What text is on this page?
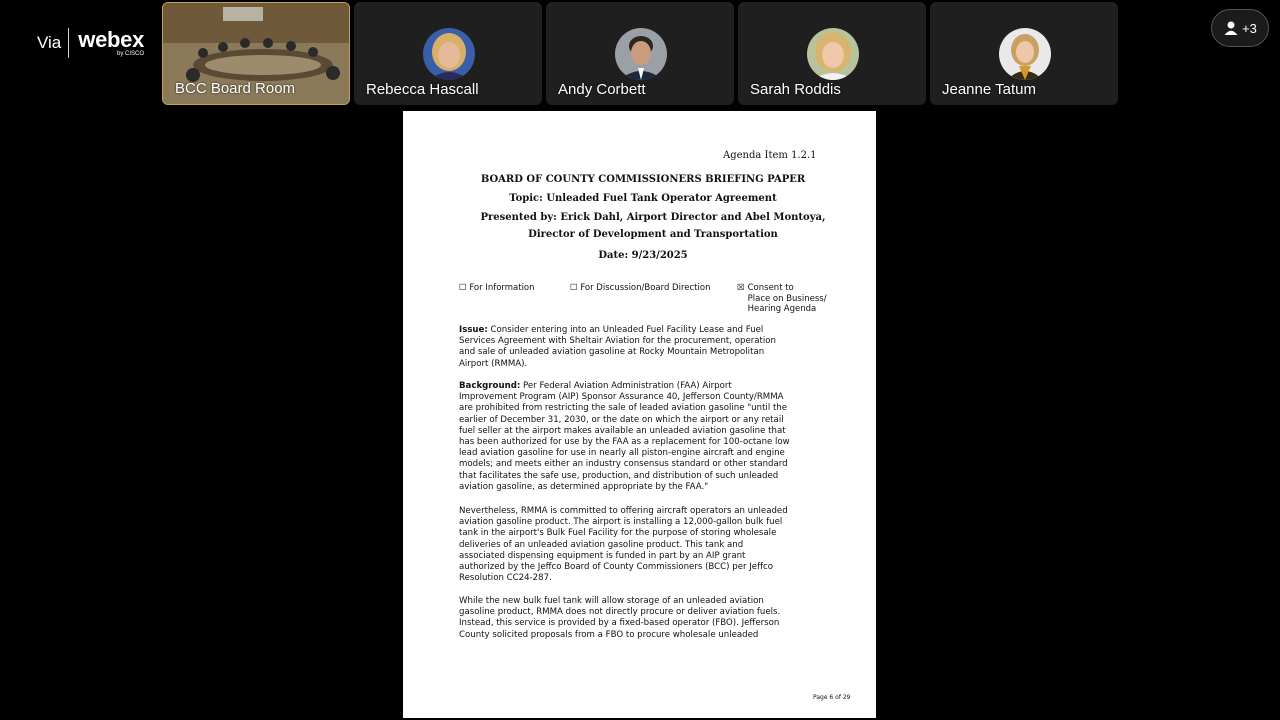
Via webex
by CISCO
BCC Board Room	Rebecca Hascall	Andy Corbett	Sarah Roddis	Jeanne Tatum
+3
Agenda Item 1.2.1
BOARD OF COUNTY COMMISSIONERS BRIEFING PAPER
Topic: Unleaded Fuel Tank Operator Agreement
Presented by: Erick Dahl, Airport Director and Abel Montoya, Director of Development and Transportation
Date: 9/23/2025
☐ For Information	☐ For Discussion/Board Direction	☒ Consent to
Place on Business/
Hearing Agenda
Issue: Consider entering into an Unleaded Fuel Facility Lease and Fuel
Services Agreement with Sheltair Aviation for the procurement, operation
and sale of unleaded aviation gasoline at Rocky Mountain Metropolitan
Airport (RMMA).
Background: Per Federal Aviation Administration (FAA) Airport
Improvement Program (AIP) Sponsor Assurance 40, Jefferson County/RMMA
are prohibited from restricting the sale of leaded aviation gasoline "until the
earlier of December 31, 2030, or the date on which the airport or any retail
fuel seller at the airport makes available an unleaded aviation gasoline that
has been authorized for use by the FAA as a replacement for 100-octane low
lead aviation gasoline for use in nearly all piston-engine aircraft and engine
models; and meets either an industry consensus standard or other standard
that facilitates the safe use, production, and distribution of such unleaded
aviation gasoline, as determined appropriate by the FAA."
Nevertheless, RMMA is committed to offering aircraft operators an unleaded
aviation gasoline product. The airport is installing a 12,000-gallon bulk fuel
tank in the airport's Bulk Fuel Facility for the purpose of storing wholesale
deliveries of an unleaded aviation gasoline product. This tank and
associated dispensing equipment is funded in part by an AIP grant
authorized by the Jeffco Board of County Commissioners (BCC) per Jeffco
Resolution CC24-287.
While the new bulk fuel tank will allow storage of an unleaded aviation
gasoline product, RMMA does not directly procure or deliver aviation fuels.
Instead, this service is provided by a fixed-based operator (FBO). Jefferson
County solicited proposals from a FBO to procure wholesale unleaded
Page 6 of 29
